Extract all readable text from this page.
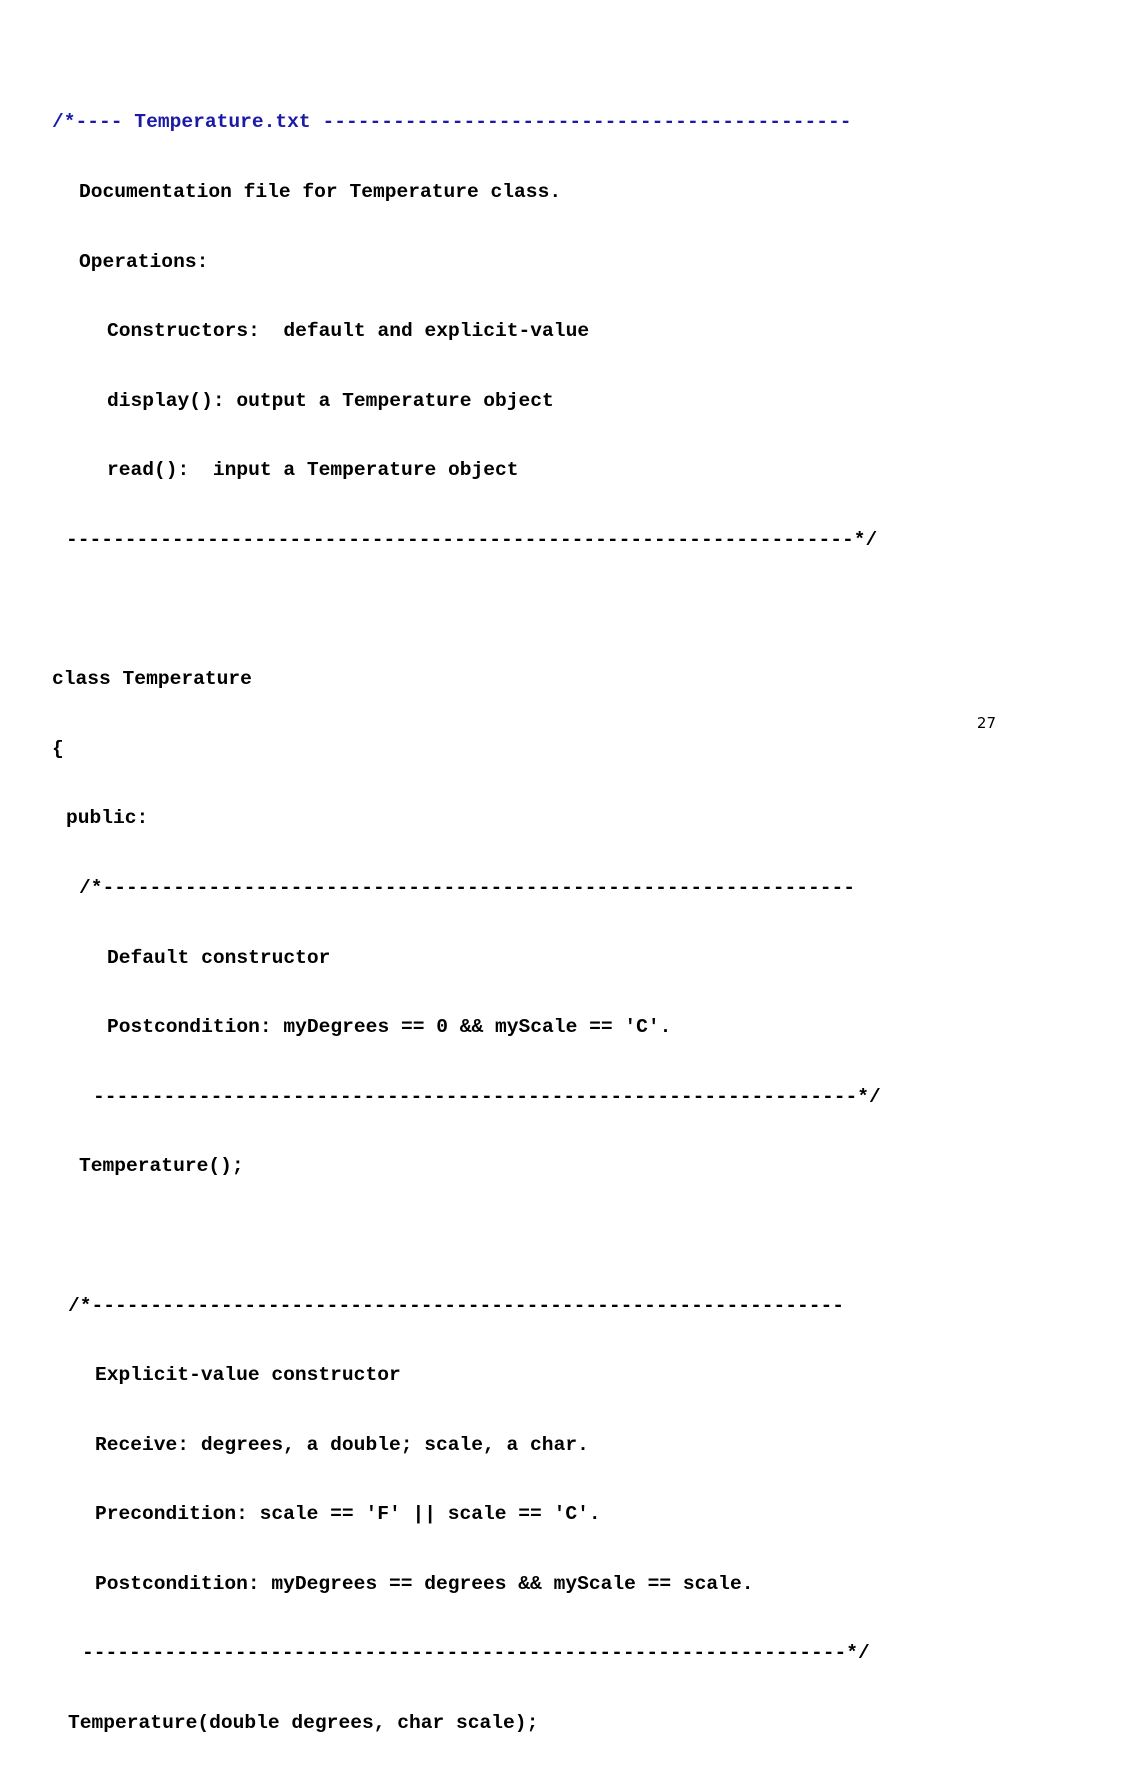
/*---- Temperature.txt ---------------------------------------------

Documentation file for Temperature class.

Operations:

Constructors:  default and explicit-value

display(): output a Temperature object

read():  input a Temperature object

-------------------------------------------------------------------*/

class Temperature

{

public:

/*----------------------------------------------------------------

Default constructor

Postcondition: myDegrees == 0 && myScale == 'C'.

-----------------------------------------------------------------*/

Temperature();

/*----------------------------------------------------------------

Explicit-value constructor

Receive: degrees, a double; scale, a char.

Precondition: scale == 'F' || scale == 'C'.

Postcondition: myDegrees == degrees && myScale == scale.

-----------------------------------------------------------------*/

Temperature(double degrees, char scale);

27
